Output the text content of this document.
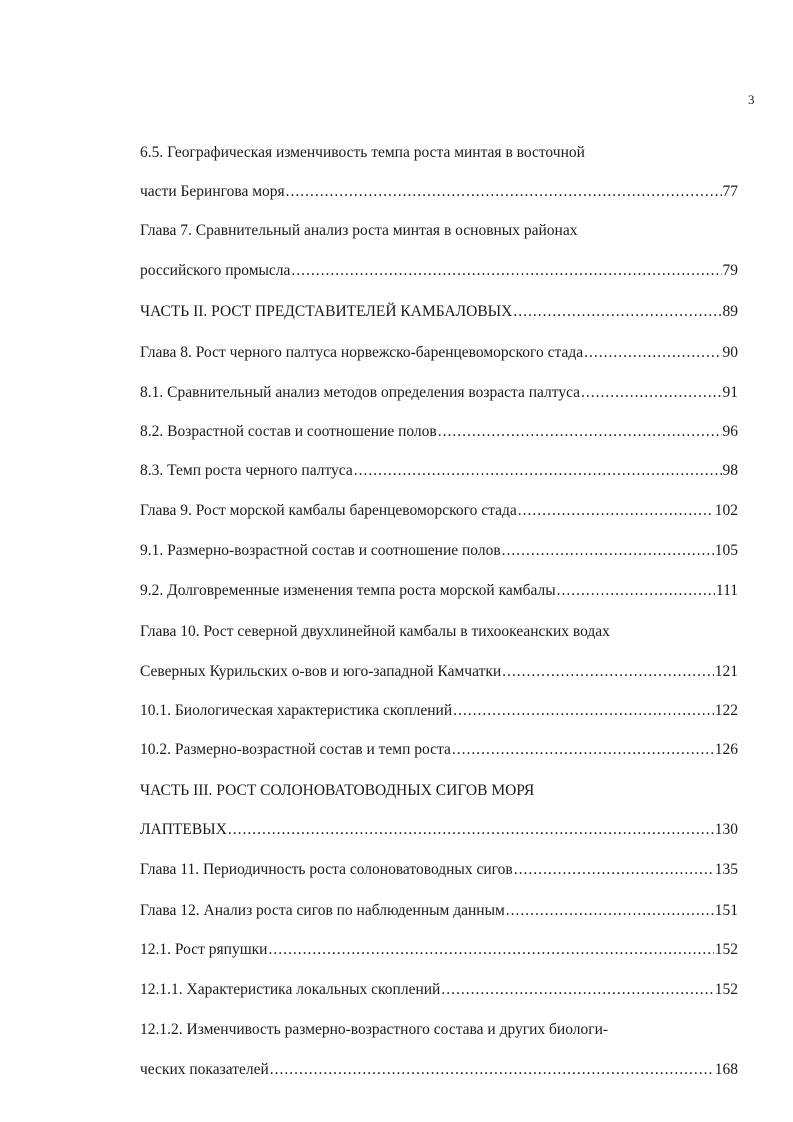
3
6.5. Географическая изменчивость темпа роста минтая в восточной
части Берингова моря .....	77
Глава 7. Сравнительный анализ роста минтая в основных районах
российского промысла .....	79
ЧАСТЬ II. РОСТ ПРЕДСТАВИТЕЛЕЙ КАМБАЛОВЫХ .....	89
Глава 8. Рост черного палтуса норвежско-баренцевоморского стада .....	90
8.1. Сравнительный анализ методов определения возраста палтуса .....	91
8.2. Возрастной состав и соотношение полов .....	96
8.3. Темп роста черного палтуса .....	98
Глава 9. Рост морской камбалы баренцевоморского стада .....	102
9.1. Размерно-возрастной состав и соотношение полов .....	105
9.2. Долговременные изменения темпа роста морской камбалы .....	111
Глава 10. Рост северной двухлинейной камбалы в тихоокеанских водах
Северных Курильских о-вов и юго-западной Камчатки .....	121
10.1. Биологическая характеристика скоплений .....	122
10.2. Размерно-возрастной состав и темп роста .....	126
ЧАСТЬ III. РОСТ СОЛОНОВАТОВОДНЫХ СИГОВ МОРЯ
ЛАПТЕВЫХ .....	130
Глава 11. Периодичность роста солоноватоводных сигов .....	135
Глава 12. Анализ роста сигов по наблюденным данным .....	151
12.1. Рост ряпушки .....	152
12.1.1. Характеристика локальных скоплений .....	152
12.1.2. Изменчивость размерно-возрастного состава и других биологи-
ческих показателей .....	168
